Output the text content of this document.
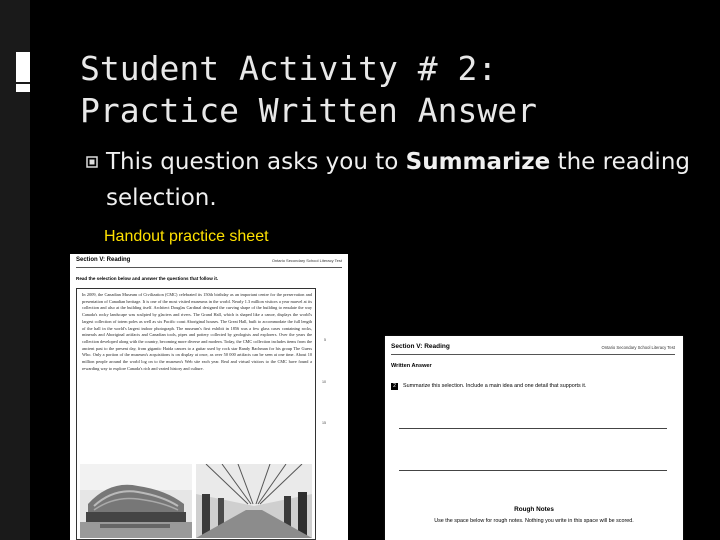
Student Activity # 2:
Practice Written Answer
This question asks you to Summarize the reading selection.
Handout practice sheet
Section V: Reading	Ontario Secondary School Literacy Test
Read the selection below and answer the questions that follow it.
In 2009, the Canadian Museum of Civilization (CMC) celebrated its 150th birthday as an important centre for the preservation and presentation of Canadian heritage. It is one of the most visited museums in the world. Nearly 1.3 million visitors a year marvel at its collection and also at the building itself. Architect Douglas Cardinal designed the curving shape of the building to emulate the way Canada's rocky landscape was sculpted by glaciers and rivers. The Grand Hall, which is shaped like a canoe, displays the world's largest collection of totem poles as well as six Pacific coast Aboriginal houses. The Great Hall, built to accommodate the full length of the hall in the world's largest indoor photograph. The museum's first exhibit in 1856 was a few glass cases containing rocks, minerals and Aboriginal artifacts and Canadian tools, pipes and pottery collected by geologists and explorers. Over the years the collection developed along with the country, becoming more diverse and modern. Today, the CMC collection includes items from the ancient past to the present day, from gigantic Haida canoes to a guitar used by rock star Randy Bachman for his group The Guess Who. Only a portion of the museum's acquisitions is on display at once, as over 50 000 artifacts can be seen at one time. About 10 million people around the world log on to the museum's Web site each year. Real and virtual visitors to the CMC have found a rewarding way to explore Canada's rich and varied history and culture.
5
10
15
Section V: Reading	Ontario Secondary School Literacy Test
Written Answer
2	Summarize this selection. Include a main idea and one detail that supports it.
Rough Notes
Use the space below for rough notes. Nothing you write in this space will be scored.
